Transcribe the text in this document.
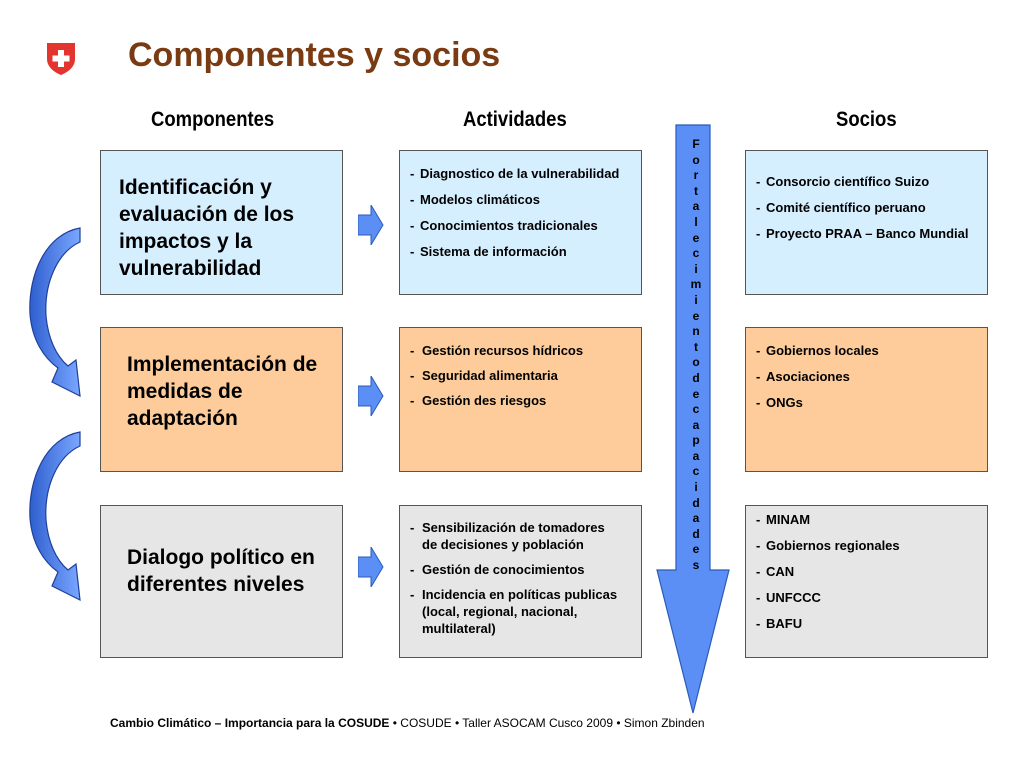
Componentes y socios
Componentes	Actividades	Socios
Identificación y evaluación de los impactos y la vulnerabilidad
Implementación de medidas de adaptación
Dialogo político en diferentes niveles
- Diagnostico de la vulnerabilidad
- Modelos climáticos
- Conocimientos tradicionales
- Sistema de información
- Gestión recursos hídricos
- Seguridad alimentaria
- Gestión des riesgos
- Sensibilización de tomadores de decisiones y población
- Gestión de conocimientos
- Incidencia en políticas publicas (local, regional, nacional, multilateral)
F
o
r
t
a
l
e
c
i
m
i
e
n
t
o
d
e
c
a
p
a
c
i
d
a
d
e
s
- Consorcio científico Suizo
- Comité científico peruano
- Proyecto PRAA – Banco Mundial
- Gobiernos locales
- Asociaciones
- ONGs
- MINAM
- Gobiernos regionales
- CAN
- UNFCCC
- BAFU
Cambio Climático – Importancia para la COSUDE • COSUDE • Taller ASOCAM Cusco 2009 • Simon Zbinden
